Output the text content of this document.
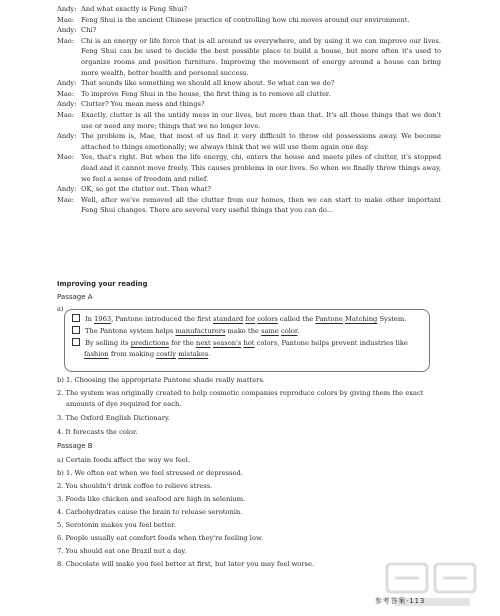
Andy: And what exactly is Feng Shui?
Mae:	Feng Shui is the ancient Chinese practice of controlling how chi moves around our environment.
Andy: Chi?
Mae:	Chi is an energy or life force that is all around us everywhere, and by using it we can improve our lives. Feng Shui can be used to decide the best possible place to build a house, but more often it's used to organize rooms and position furniture. Improving the movement of energy around a house can bring more wealth, better health and personal success.
Andy: That sounds like something we should all know about. So what can we do?
Mae:	To improve Feng Shui in the house, the first thing is to remove all clutter.
Andy: Clutter? You mean mess and things?
Mae:	Exactly, clutter is all the untidy mess in our lives, but more than that. It's all those things that we don't use or need any more; things that we no longer love.
Andy: The problem is, Mae, that most of us find it very difficult to throw old possessions away. We become attached to things emotionally; we always think that we will use them again one day.
Mae:	Yes, that's right. But when the life energy, chi, enters the house and meets piles of clutter, it's stopped dead and it cannot move freely. This causes problems in our lives. So when we finally throw things away, we feel a sense of freedom and relief.
Andy: OK, so get the clutter out. Then what?
Mae:	Well, after we've removed all the clutter from our homes, then we can start to make other important Feng Shui changes. There are several very useful things that you can do...
Improving your reading
Passage A
a)
In 1963, Pantone introduced the first standard for colors called the Pantone Matching System.
The Pantone system helps manufacturers make the same color.
By selling its predictions for the next season's hot colors, Pantone helps prevent industries like
fashion from making costly mistakes.
b) 1. Choosing the appropriate Pantone shade really matters.
2. The system was originally created to help cosmetic companies reproduce colors by giving them the exact
amounts of dye required for each.
3. The Oxford English Dictionary.
4. It forecasts the color.
Passage B
a) Certain foods affect the way we feel.
b) 1. We often eat when we feel stressed or depressed.
2. You shouldn't drink coffee to relieve stress.
3. Foods like chicken and seafood are high in selenium.
4. Carbohydrates cause the brain to release serotonin.
5. Serotonin makes you feel better.
6. People usually eat comfort foods when they're feeling low.
7. You should eat one Brazil nut a day.
8. Chocolate will make you feel better at first, but later you may feel worse.
参考答案·113
